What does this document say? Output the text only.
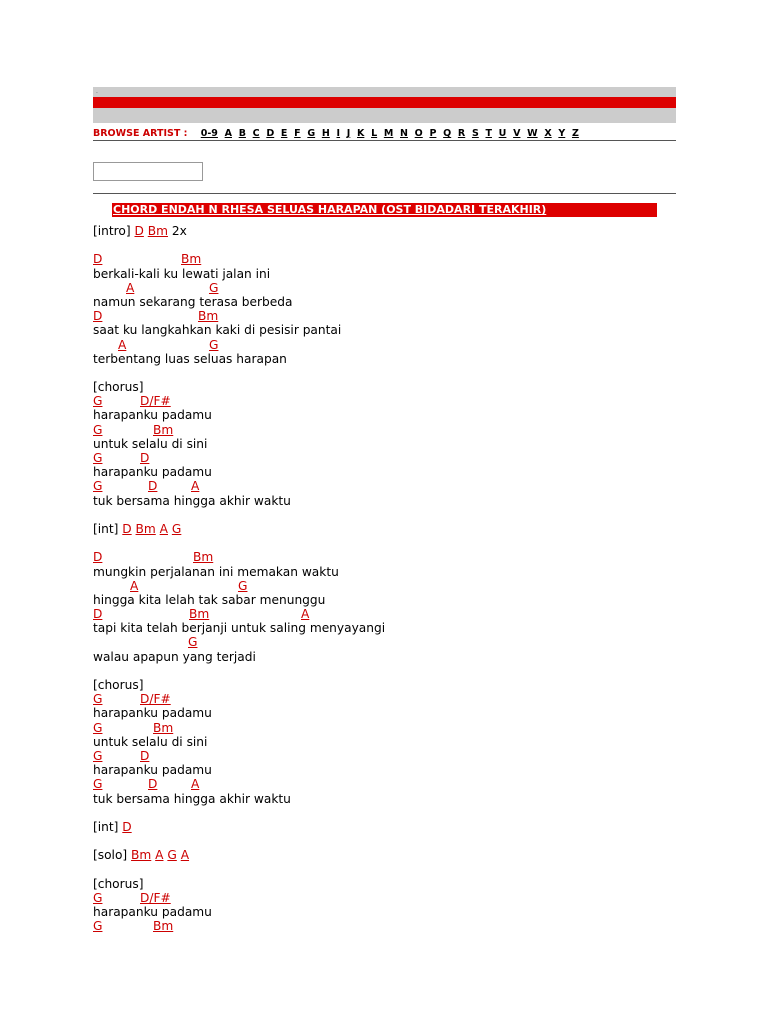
.
BROWSE ARTIST : 0-9 A B C D E F G H I J K L M N O P Q R S T U V W X Y Z
CHORD ENDAH N RHESA SELUAS HARAPAN (OST BIDADARI TERAKHIR)
[intro] D Bm 2x
D	Bm
berkali-kali ku lewati jalan ini
A	G
namun sekarang terasa berbeda
D	Bm
saat ku langkahkan kaki di pesisir pantai
A	G
terbentang luas seluas harapan
[chorus]
G	D/F#
harapanku padamu
G	Bm
untuk selalu di sini
G	D
harapanku padamu
G	D	A
tuk bersama hingga akhir waktu
[int] D Bm A G
D	Bm
mungkin perjalanan ini memakan waktu
A	G
hingga kita lelah tak sabar menunggu
D	Bm	A
tapi kita telah berjanji untuk saling menyayangi
G
walau apapun yang terjadi
[chorus]
G	D/F#
harapanku padamu
G	Bm
untuk selalu di sini
G	D
harapanku padamu
G	D	A
tuk bersama hingga akhir waktu
[int] D
[solo] Bm A G A
[chorus]
G	D/F#
harapanku padamu
G	Bm
